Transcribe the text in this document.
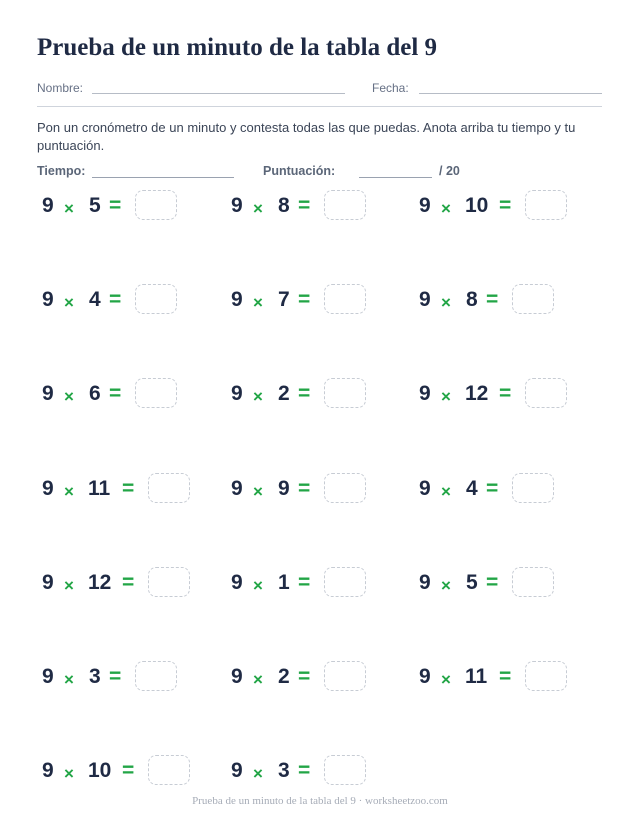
Prueba de un minuto de la tabla del 9
Nombre:	Fecha:
Pon un cronómetro de un minuto y contesta todas las que puedas. Anota arriba tu tiempo y tu puntuación.
Tiempo:	Puntuación:	/ 20
9 × 5 =	9 × 8 =	9 × 10 =
9 × 4 =	9 × 7 =	9 × 8 =
9 × 6 =	9 × 2 =	9 × 12 =
9 × 11 =	9 × 9 =	9 × 4 =
9 × 12 =	9 × 1 =	9 × 5 =
9 × 3 =	9 × 2 =	9 × 11 =
9 × 10 =	9 × 3 =
Prueba de un minuto de la tabla del 9 · worksheetzoo.com
